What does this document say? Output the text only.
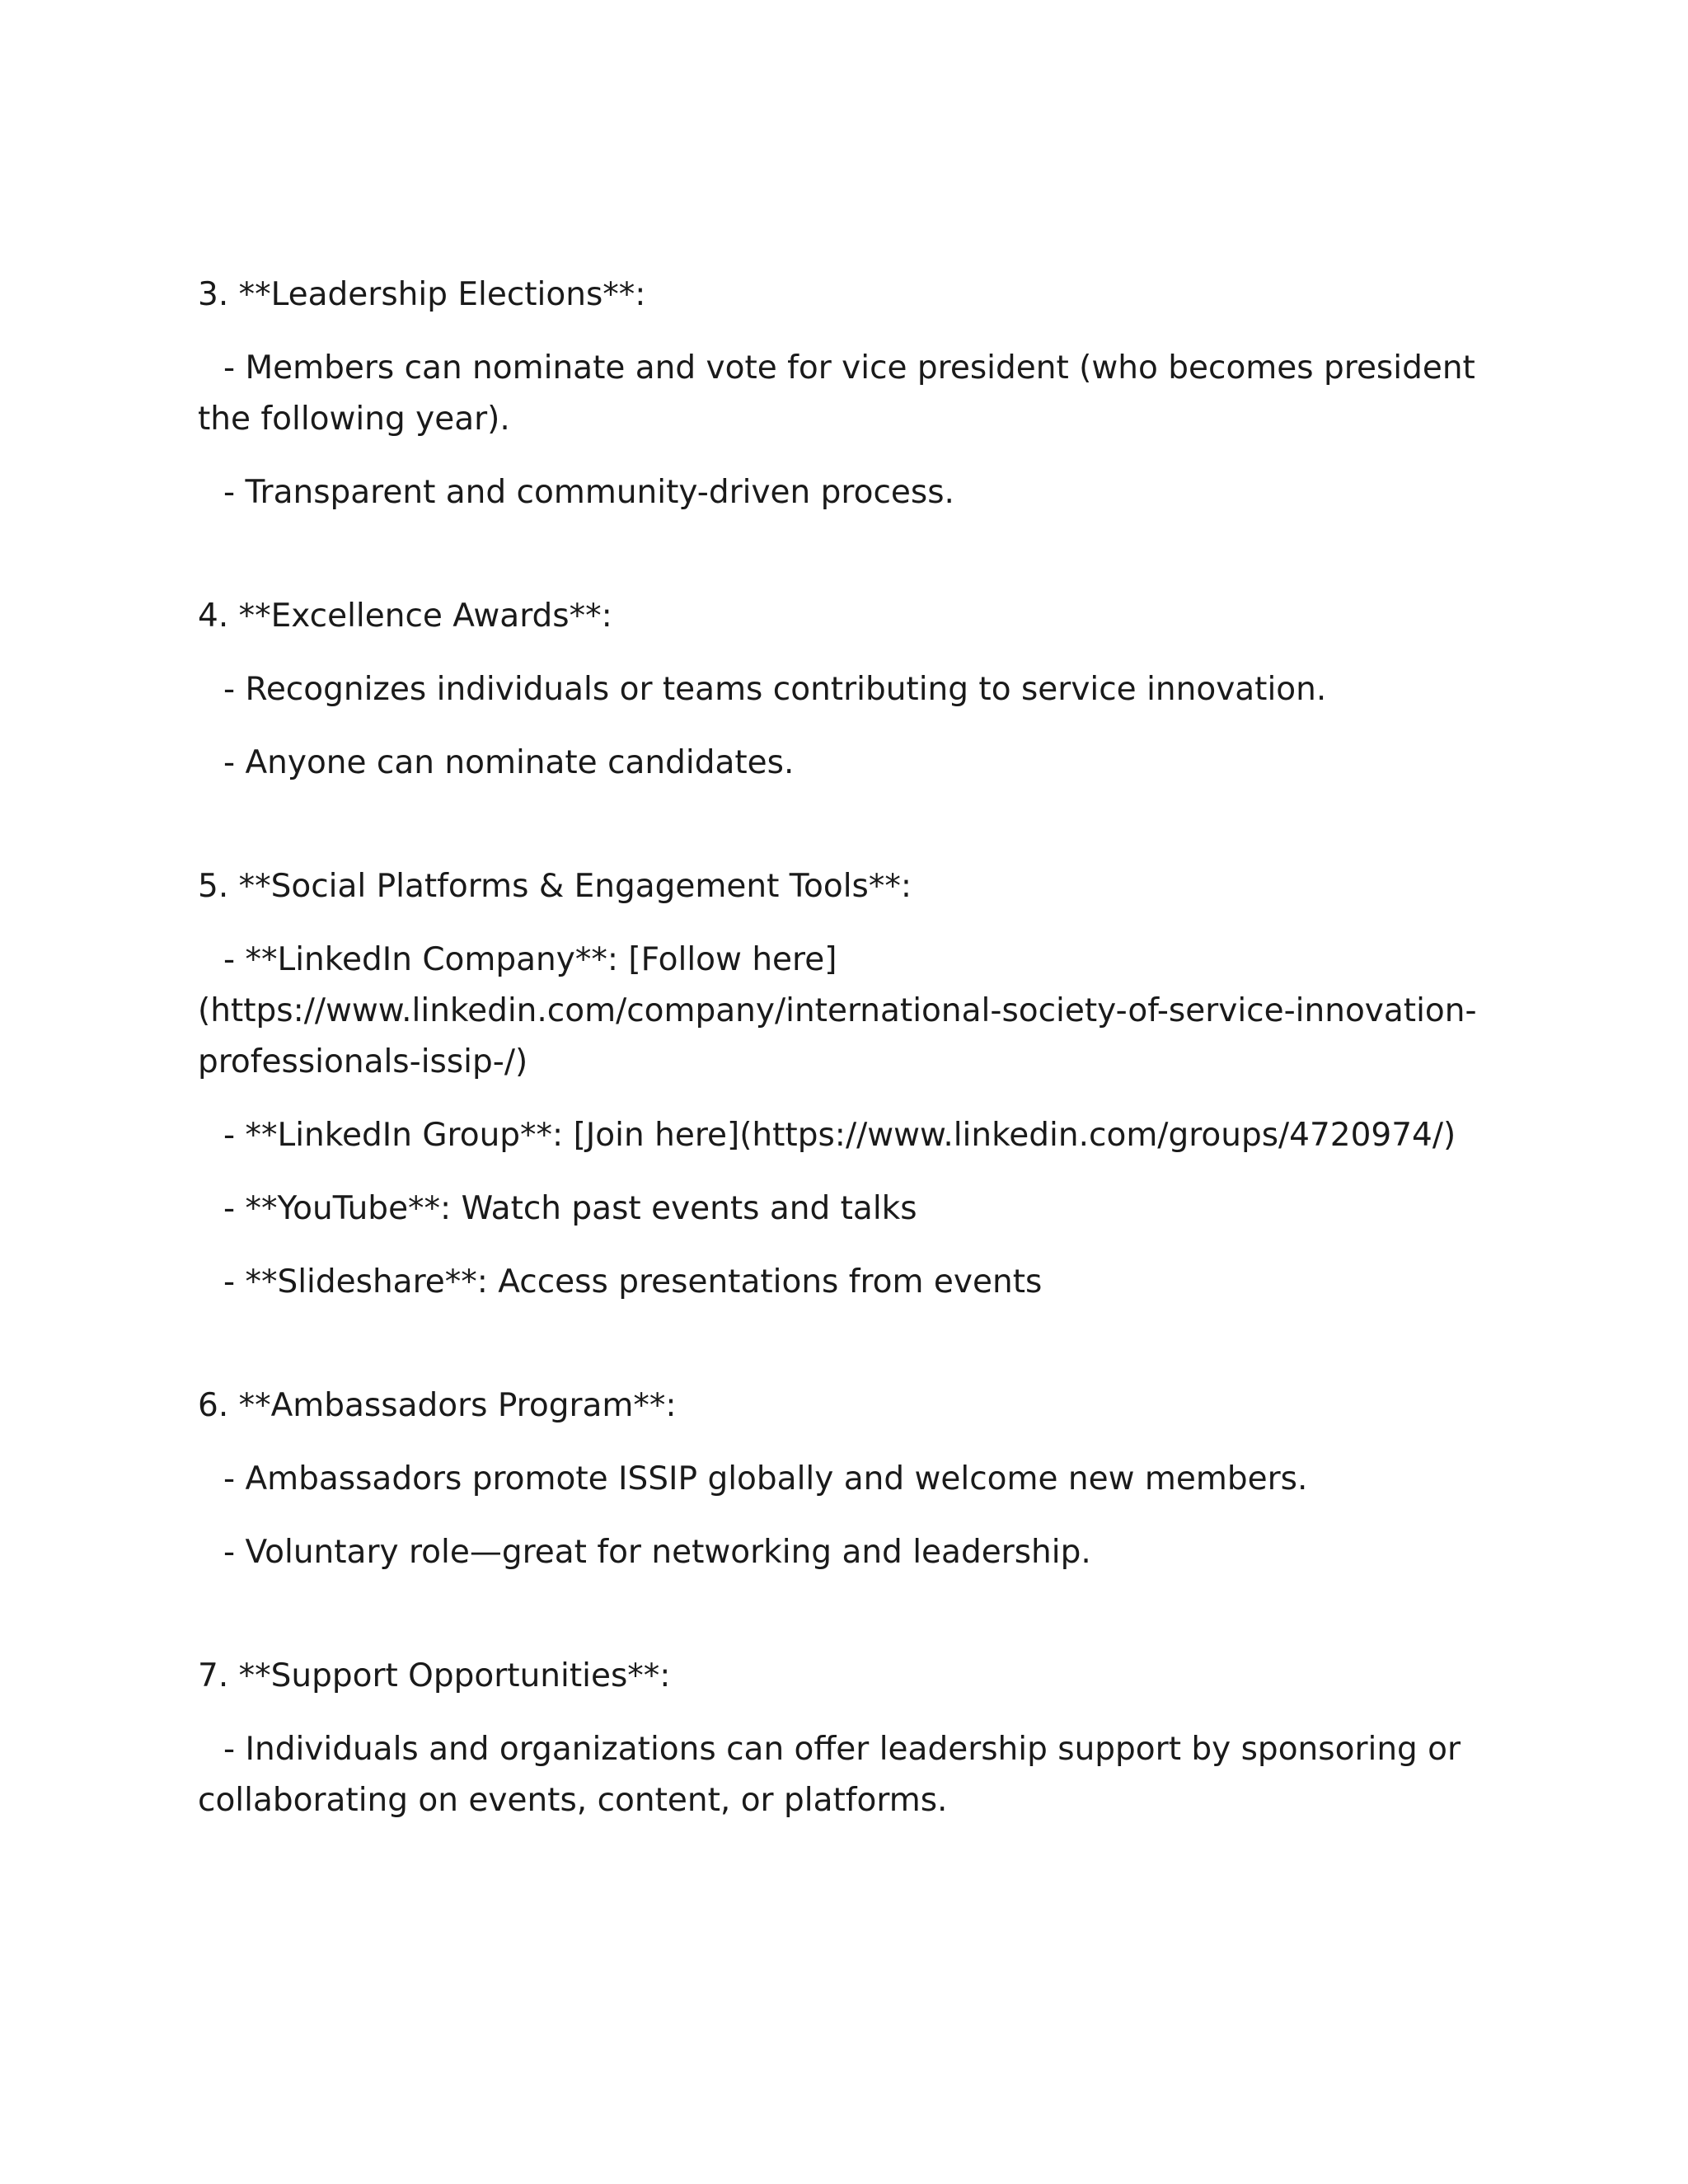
3. **Leadership Elections**:

- Members can nominate and vote for vice president (who becomes president the following year).

- Transparent and community-driven process.

4. **Excellence Awards**:

- Recognizes individuals or teams contributing to service innovation.

- Anyone can nominate candidates.

5. **Social Platforms & Engagement Tools**:

- **LinkedIn Company**: [Follow here](https://www.linkedin.com/company/international-society-of-service-innovation-professionals-issip-/)

- **LinkedIn Group**: [Join here](https://www.linkedin.com/groups/4720974/)

- **YouTube**: Watch past events and talks

- **Slideshare**: Access presentations from events

6. **Ambassadors Program**:

- Ambassadors promote ISSIP globally and welcome new members.

- Voluntary role—great for networking and leadership.

7. **Support Opportunities**:

- Individuals and organizations can offer leadership support by sponsoring or collaborating on events, content, or platforms.
